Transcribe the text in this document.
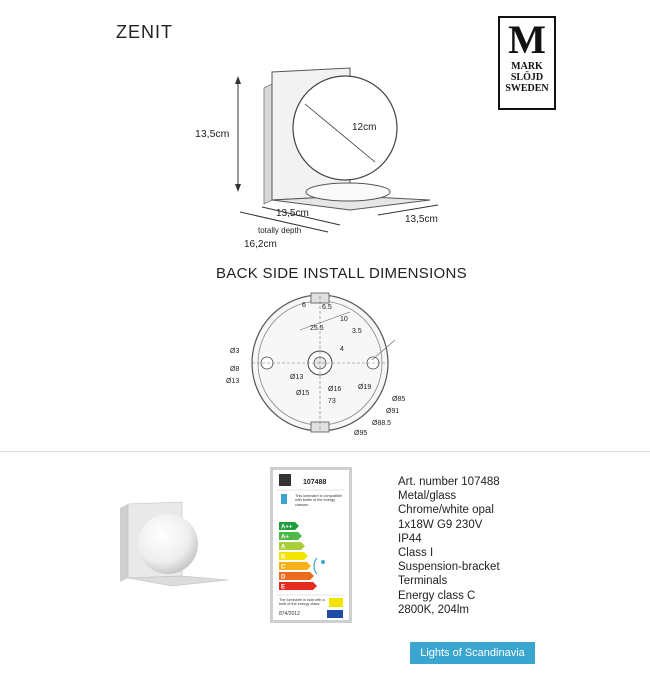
ZENIT	M
MARK
SLÖJD
SWEDEN
13,5cm
12cm
13,5cm
13,5cm
totally depth
16,2cm
BACK SIDE INSTALL DIMENSIONS
6 6.5
25.5
10
3.5
4
Ø3
Ø8
Ø13
Ø13
Ø15
Ø16 Ø19
73	Ø85
Ø91
Ø88.5
Ø95
107488
A++
A+
A
B
C
D
E
This luminaire is compatible with bulbs of the energy classes:
The luminaire is sold with a bulb of the energy class:
874/2012
Art. number 107488
Metal/glass
Chrome/white opal
1x18W G9 230V
IP44
Class I
Suspension-bracket
Terminals
Energy class C
2800K, 204lm
Lights of Scandinavia
